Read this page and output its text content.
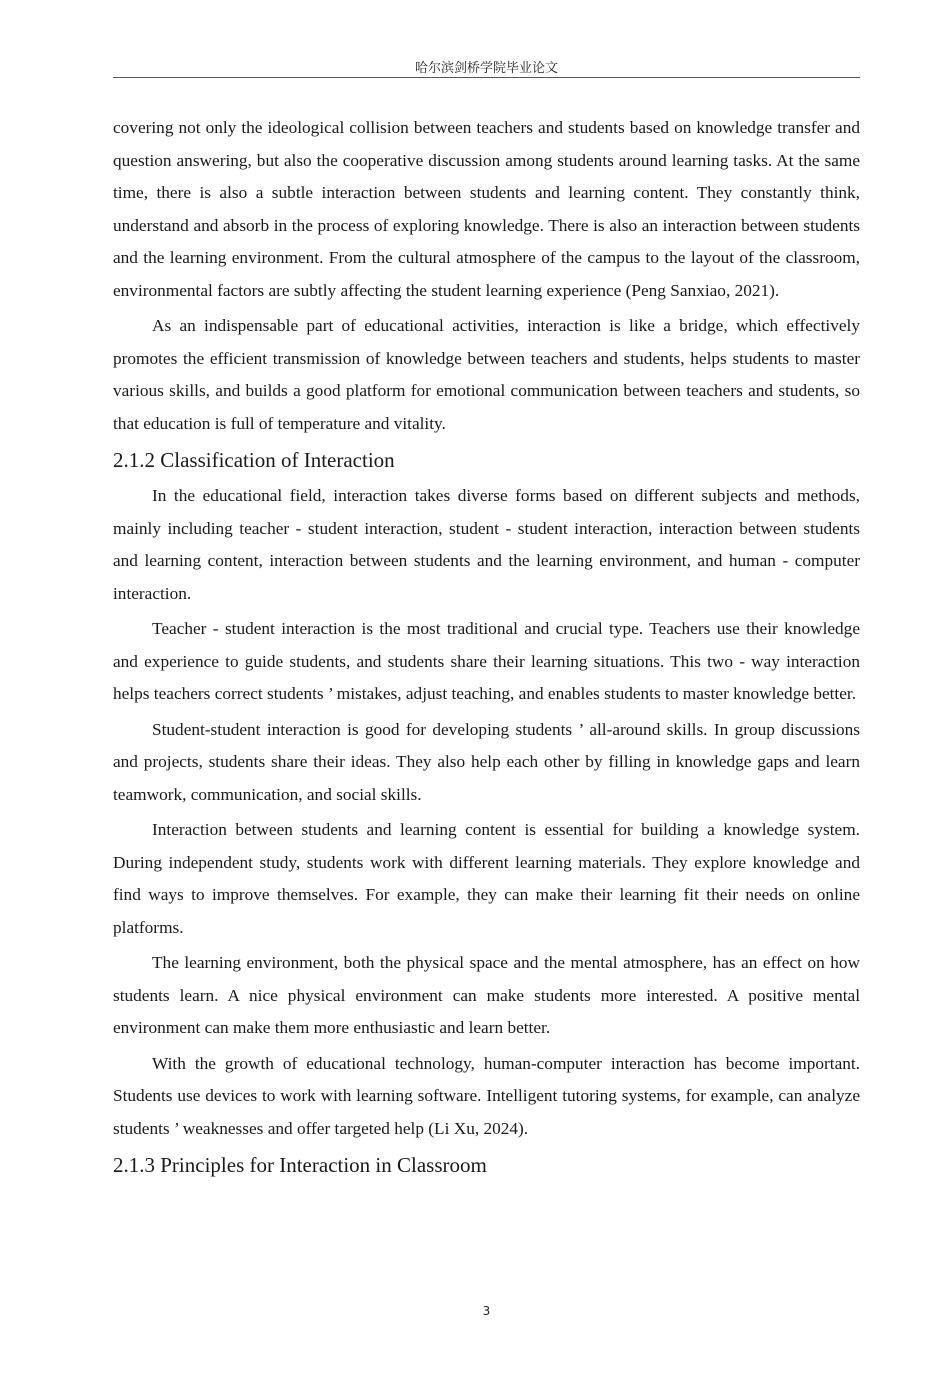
哈尔滨剑桥学院毕业论文

covering not only the ideological collision between teachers and students based on knowledge transfer and question answering, but also the cooperative discussion among students around learning tasks. At the same time, there is also a subtle interaction between students and learning content. They constantly think, understand and absorb in the process of exploring knowledge. There is also an interaction between students and the learning environment. From the cultural atmosphere of the campus to the layout of the classroom, environmental factors are subtly affecting the student learning experience (Peng Sanxiao, 2021).

As an indispensable part of educational activities, interaction is like a bridge, which effectively promotes the efficient transmission of knowledge between teachers and students, helps students to master various skills, and builds a good platform for emotional communication between teachers and students, so that education is full of temperature and vitality.

2.1.2 Classification of Interaction

In the educational field, interaction takes diverse forms based on different subjects and methods, mainly including teacher - student interaction, student - student interaction, interaction between students and learning content, interaction between students and the learning environment, and human - computer interaction.

Teacher - student interaction is the most traditional and crucial type. Teachers use their knowledge and experience to guide students, and students share their learning situations. This two - way interaction helps teachers correct students ’ mistakes, adjust teaching, and enables students to master knowledge better.

Student-student interaction is good for developing students ’ all-around skills. In group discussions and projects, students share their ideas. They also help each other by filling in knowledge gaps and learn teamwork, communication, and social skills.

Interaction between students and learning content is essential for building a knowledge system. During independent study, students work with different learning materials. They explore knowledge and find ways to improve themselves. For example, they can make their learning fit their needs on online platforms.

The learning environment, both the physical space and the mental atmosphere, has an effect on how students learn. A nice physical environment can make students more interested. A positive mental environment can make them more enthusiastic and learn better.

With the growth of educational technology, human-computer interaction has become important. Students use devices to work with learning software. Intelligent tutoring systems, for example, can analyze students ’ weaknesses and offer targeted help (Li Xu, 2024).

2.1.3 Principles for Interaction in Classroom
3
